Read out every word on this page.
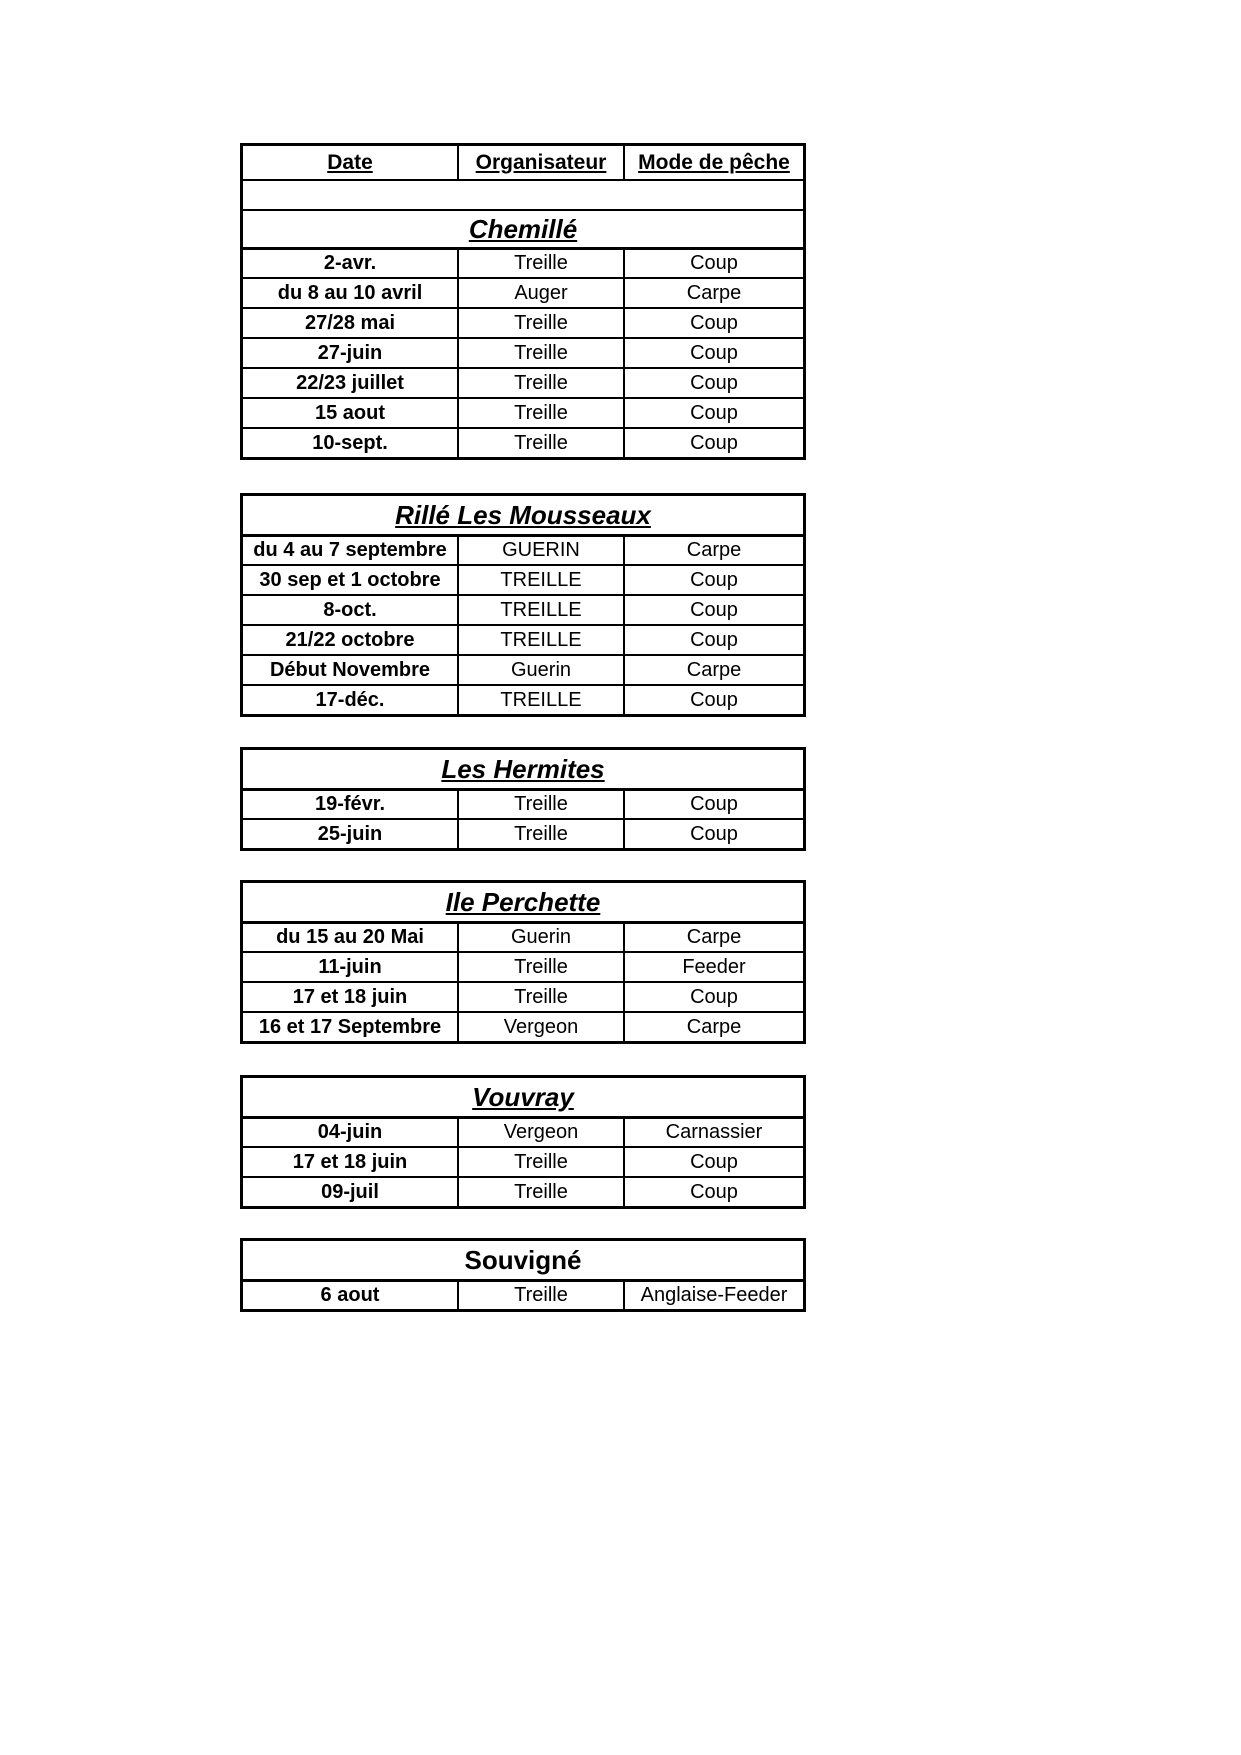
Date	Organisateur	Mode de pêche
Chemillé
2-avr.	Treille	Coup
du 8 au 10 avril	Auger	Carpe
27/28 mai	Treille	Coup
27-juin	Treille	Coup
22/23 juillet	Treille	Coup
15 aout	Treille	Coup
10-sept.	Treille	Coup
Rillé Les Mousseaux
du 4 au 7 septembre	GUERIN	Carpe
30 sep et 1 octobre	TREILLE	Coup
8-oct.	TREILLE	Coup
21/22 octobre	TREILLE	Coup
Début Novembre	Guerin	Carpe
17-déc.	TREILLE	Coup
Les Hermites
19-févr.	Treille	Coup
25-juin	Treille	Coup
Ile Perchette
du 15 au 20 Mai	Guerin	Carpe
11-juin	Treille	Feeder
17 et 18 juin	Treille	Coup
16 et 17 Septembre	Vergeon	Carpe
Vouvray
04-juin	Vergeon	Carnassier
17 et 18 juin	Treille	Coup
09-juil	Treille	Coup
Souvigné
6 aout	Treille	Anglaise-Feeder
